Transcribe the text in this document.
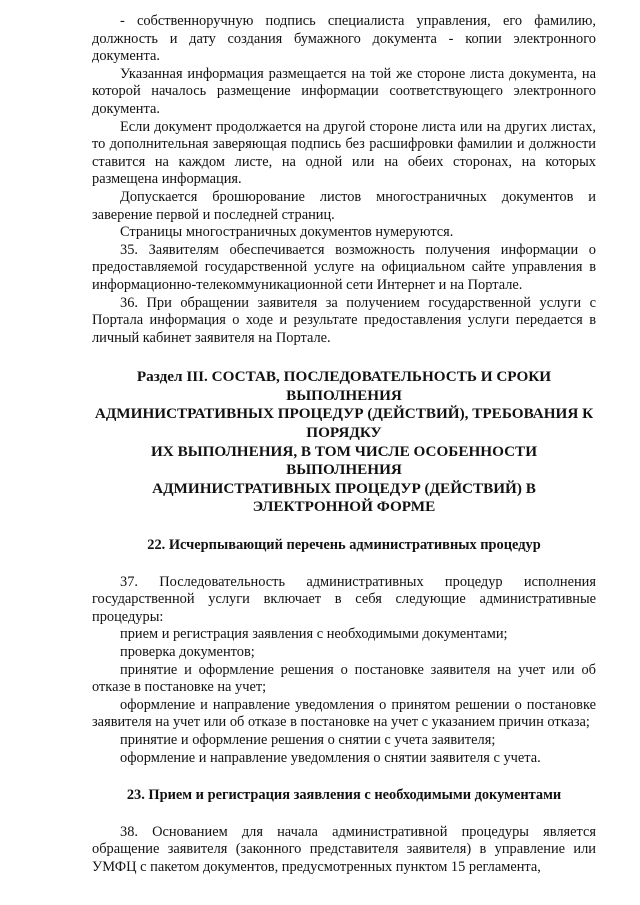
- собственноручную подпись специалиста управления, его фамилию, должность и дату создания бумажного документа - копии электронного документа.

Указанная информация размещается на той же стороне листа документа, на которой началось размещение информации соответствующего электронного документа.

Если документ продолжается на другой стороне листа или на других листах, то дополнительная заверяющая подпись без расшифровки фамилии и должности ставится на каждом листе, на одной или на обеих сторонах, на которых размещена информация.

Допускается брошюрование листов многостраничных документов и заверение первой и последней страниц.

Страницы многостраничных документов нумеруются.

35. Заявителям обеспечивается возможность получения информации о предоставляемой государственной услуге на официальном сайте управления в информационно-телекоммуникационной сети Интернет и на Портале.

36. При обращении заявителя за получением государственной услуги с Портала информация о ходе и результате предоставления услуги передается в личный кабинет заявителя на Портале.

Раздел III. СОСТАВ, ПОСЛЕДОВАТЕЛЬНОСТЬ И СРОКИ
ВЫПОЛНЕНИЯ
АДМИНИСТРАТИВНЫХ ПРОЦЕДУР (ДЕЙСТВИЙ), ТРЕБОВАНИЯ К
ПОРЯДКУ
ИХ ВЫПОЛНЕНИЯ, В ТОМ ЧИСЛЕ ОСОБЕННОСТИ ВЫПОЛНЕНИЯ
АДМИНИСТРАТИВНЫХ ПРОЦЕДУР (ДЕЙСТВИЙ) В
ЭЛЕКТРОННОЙ ФОРМЕ

22. Исчерпывающий перечень административных процедур

37. Последовательность административных процедур исполнения государственной услуги включает в себя следующие административные процедуры:

прием и регистрация заявления с необходимыми документами;

проверка документов;

принятие и оформление решения о постановке заявителя на учет или об отказе в постановке на учет;

оформление и направление уведомления о принятом решении о постановке заявителя на учет или об отказе в постановке на учет с указанием причин отказа;

принятие и оформление решения о снятии с учета заявителя;

оформление и направление уведомления о снятии заявителя с учета.

23. Прием и регистрация заявления с необходимыми документами

38. Основанием для начала административной процедуры является обращение заявителя (законного представителя заявителя) в управление или УМФЦ с пакетом документов, предусмотренных пунктом 15 регламента,
